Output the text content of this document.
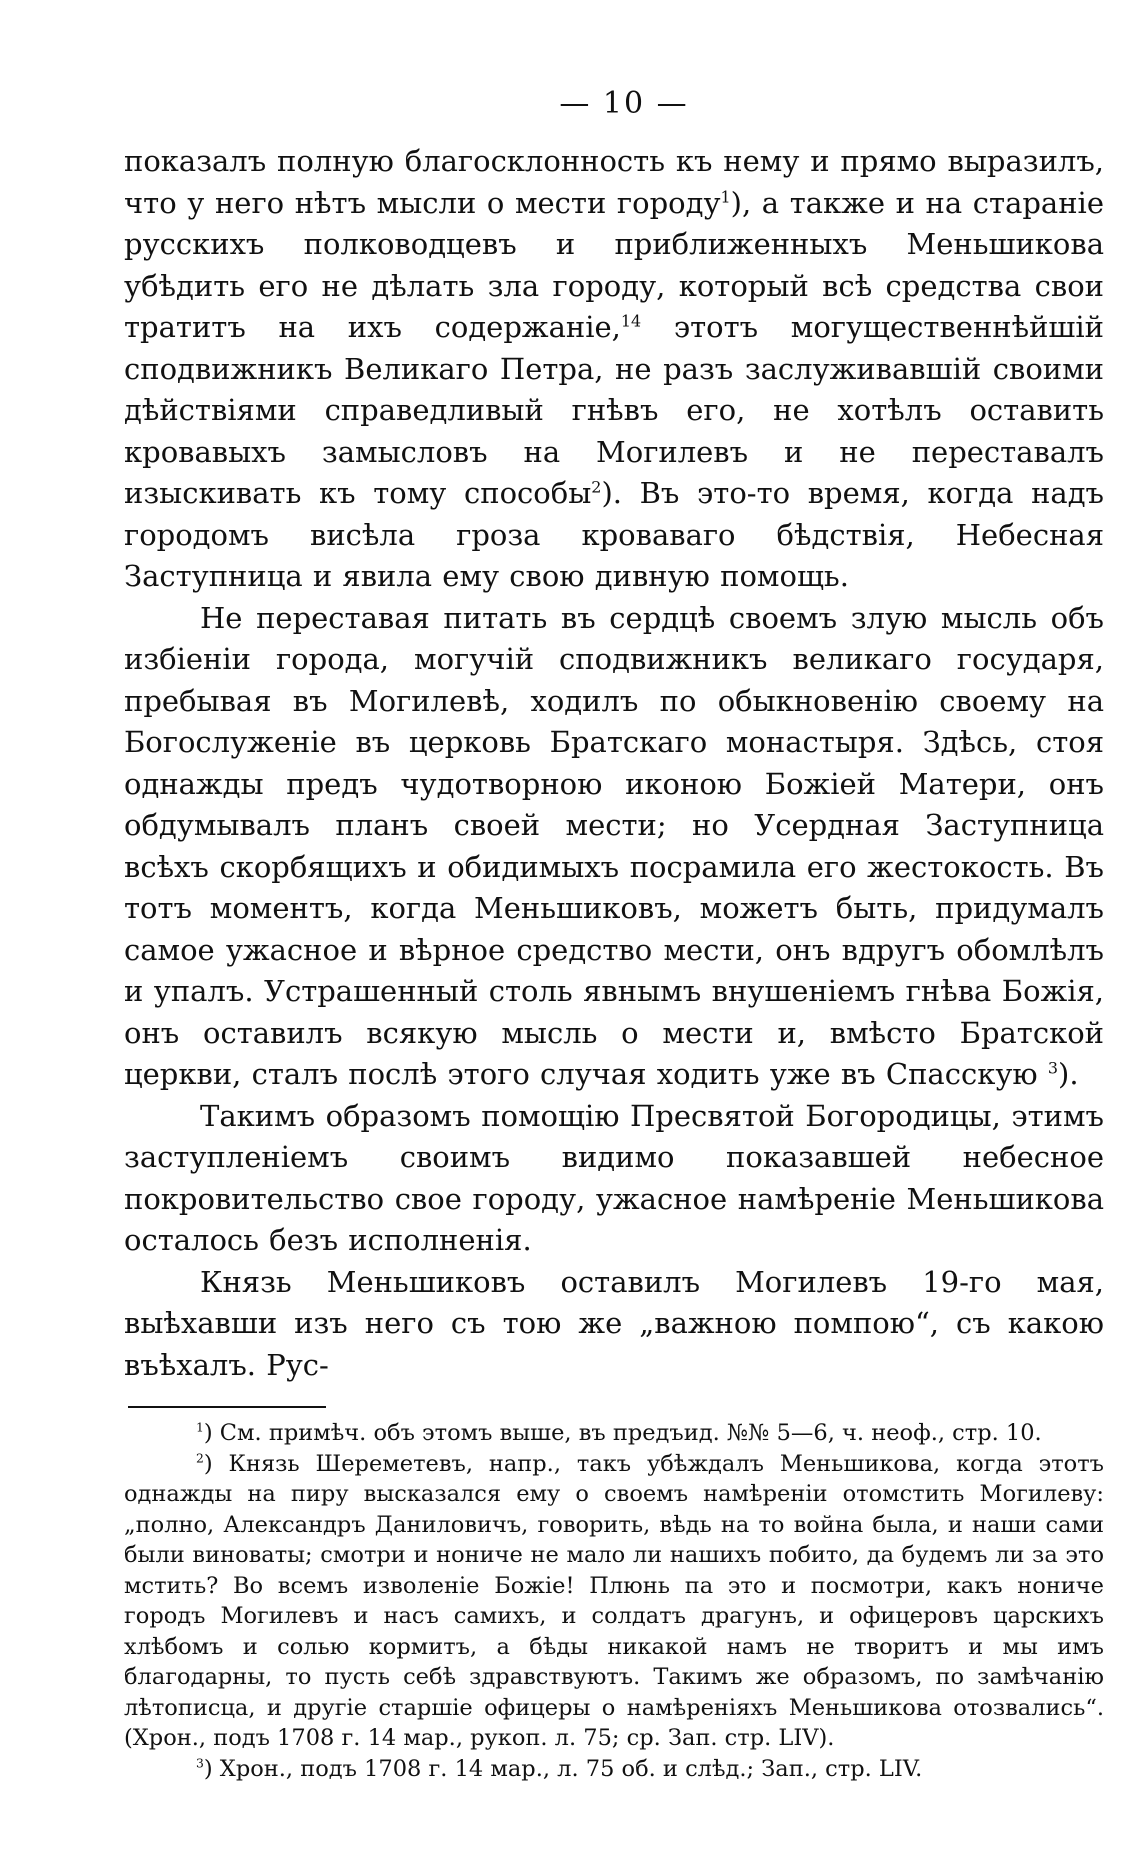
— 10 —

показалъ полную благосклонность къ нему и прямо выразилъ, что у него нѣтъ мысли о мести городу$^1$), а также и на стараніе русскихъ полководцевъ и приближенныхъ Меньшикова убѣдить его не дѣлать зла городу, который всѣ средства свои тратитъ на ихъ содержаніе,$^{14}$ этотъ могущественнѣйшій сподвижникъ Великаго Петра, не разъ заслуживавшій своими дѣйствіями справедливый гнѣвъ его, не хотѣлъ оставить кровавыхъ замысловъ на Могилевъ и не переставалъ изыскивать къ тому способы$^2$). Въ это-то время, когда надъ городомъ висѣла гроза кроваваго бѣдствія, Небесная Заступница и явила ему свою дивную помощь.

Не переставая питать въ сердцѣ своемъ злую мысль объ избіеніи города, могучій сподвижникъ великаго государя, пребывая въ Могилевѣ, ходилъ по обыкновенію своему на Богослуженіе въ церковь Братскаго монастыря. Здѣсь, стоя однажды предъ чудотворною иконою Божіей Матери, онъ обдумывалъ планъ своей мести; но Усердная Заступница всѣхъ скорбящихъ и обидимыхъ посрамила его жестокость. Въ тотъ моментъ, когда Меньшиковъ, можетъ быть, придумалъ самое ужасное и вѣрное средство мести, онъ вдругъ обомлѣлъ и упалъ. Устрашенный столь явнымъ внушеніемъ гнѣва Божія, онъ оставилъ всякую мысль о мести и, вмѣсто Братской церкви, сталъ послѣ этого случая ходить уже въ Спасскую $^3$).

Такимъ образомъ помощію Пресвятой Богородицы, этимъ заступленіемъ своимъ видимо показавшей небесное покровительство свое городу, ужасное намѣреніе Меньшикова осталось безъ исполненія.

Князь Меньшиковъ оставилъ Могилевъ 19-го мая, выѣхавши изъ него съ тою же „важною помпою“, съ какою въѣхалъ. Рус-

$^1$) См. примѣч. объ этомъ выше, въ предъид. №№ 5—6, ч. неоф., стр. 10.

$^2$) Князь Шереметевъ, напр., такъ убѣждалъ Меньшикова, когда этотъ однажды на пиру высказался ему о своемъ намѣреніи отомстить Могилеву: „полно, Александръ Даниловичъ, говорить, вѣдь на то война была, и наши сами были виноваты; смотри и нониче не мало ли нашихъ побито, да будемъ ли за это мстить? Во всемъ изволеніе Божіе! Плюнь па это и посмотри, какъ нониче городъ Могилевъ и насъ самихъ, и солдатъ драгунъ, и офицеровъ царскихъ хлѣбомъ и солью кормитъ, а бѣды никакой намъ не творитъ и мы имъ благодарны, то пусть себѣ здравствуютъ. Такимъ же образомъ, по замѣчанію лѣтописца, и другіе старшіе офицеры о намѣреніяхъ Меньшикова отозвались“. (Хрон., подъ 1708 г. 14 мар., рукоп. л. 75; ср. Зап. стр. LIV).

$^3$) Хрон., подъ 1708 г. 14 мар., л. 75 об. и слѣд.; Зап., стр. LIV.
